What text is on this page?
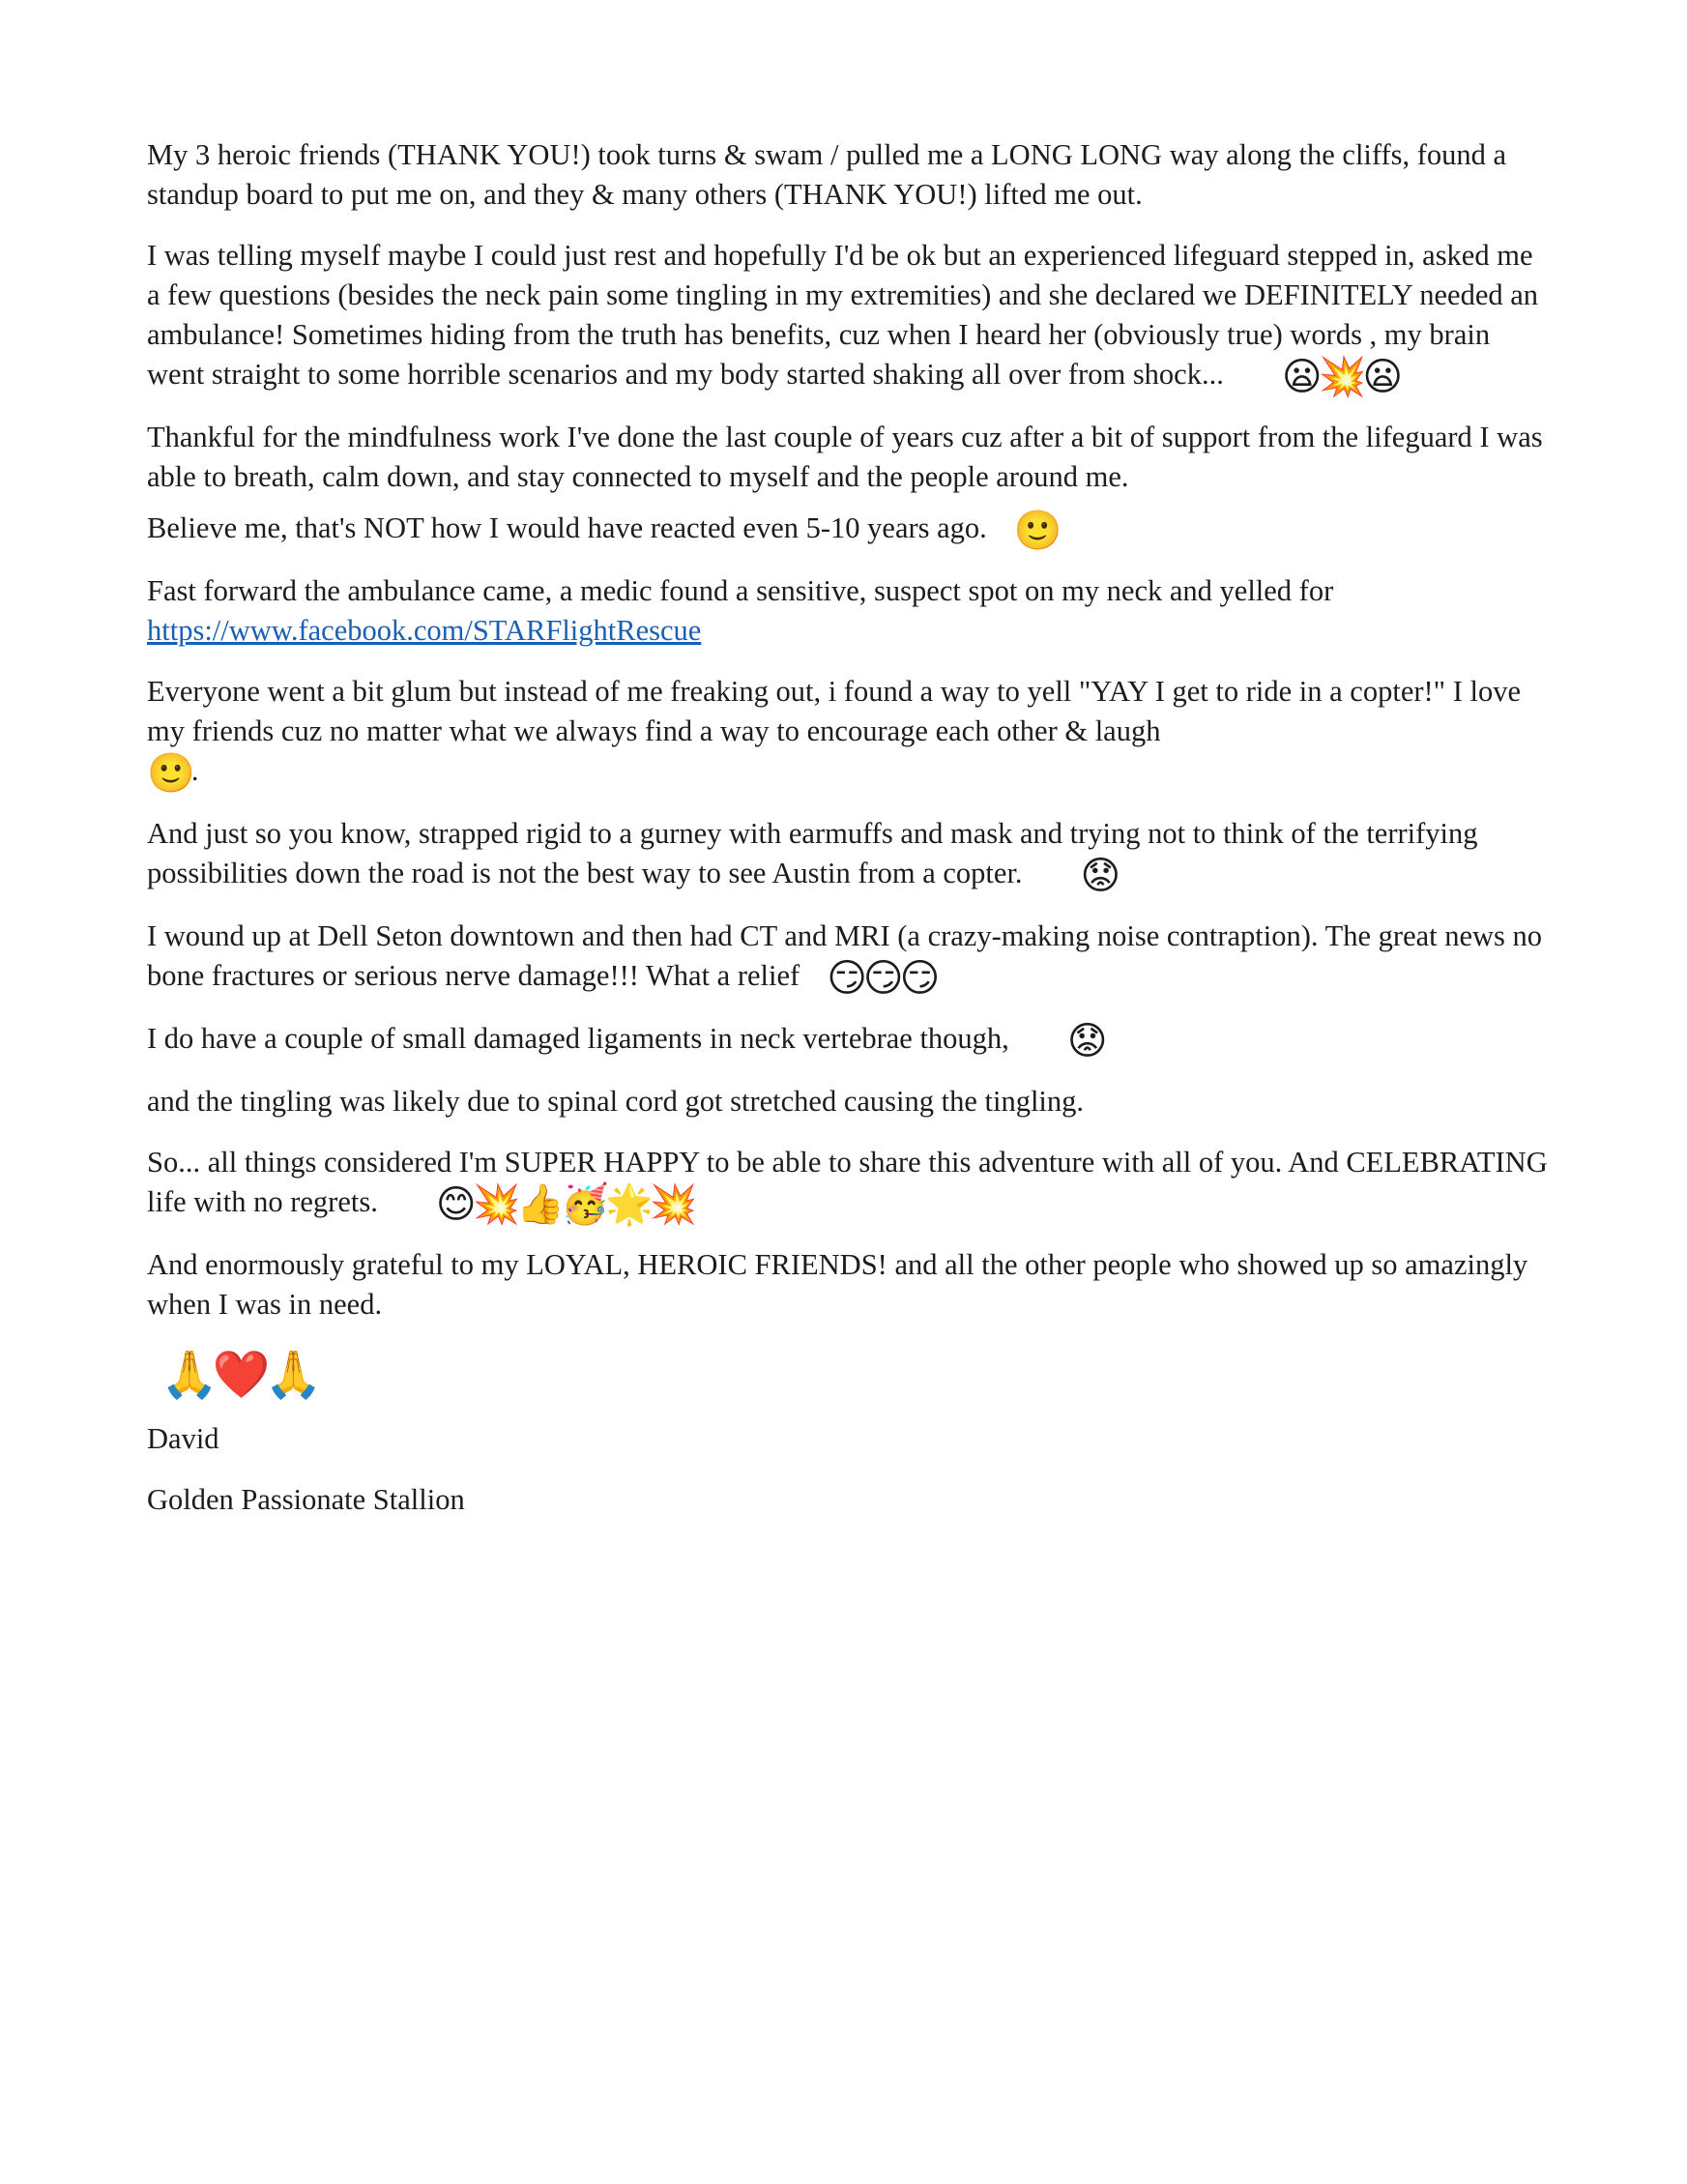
My 3 heroic friends (THANK YOU!) took turns & swam / pulled me a LONG LONG way along the cliffs, found a standup board to put me on, and they & many others (THANK YOU!) lifted me out.

I was telling myself maybe I could just rest and hopefully I'd be ok but an experienced lifeguard stepped in, asked me a few questions (besides the neck pain some tingling in my extremities) and she declared we DEFINITELY needed an ambulance! Sometimes hiding from the truth has benefits, cuz when I heard her (obviously true) words , my brain went straight to some horrible scenarios and my body started shaking all over from shock... 😦💥😦

Thankful for the mindfulness work I've done the last couple of years cuz after a bit of support from the lifeguard I was able to breath, calm down, and stay connected to myself and the people around me.

Believe me, that's NOT how I would have reacted even 5-10 years ago. 🙂

Fast forward the ambulance came, a medic found a sensitive, suspect spot on my neck and yelled for https://www.facebook.com/STARFlightRescue

Everyone went a bit glum but instead of me freaking out, i found a way to yell "YAY I get to ride in a copter!" I love my friends cuz no matter what we always find a way to encourage each other & laugh
🙂.

And just so you know, strapped rigid to a gurney with earmuffs and mask and trying not to think of the terrifying possibilities down the road is not the best way to see Austin from a copter. 😟

I wound up at Dell Seton downtown and then had CT and MRI (a crazy-making noise contraption). The great news no bone fractures or serious nerve damage!!! What a relief 😏😏😏

I do have a couple of small damaged ligaments in neck vertebrae though, 😟

and the tingling was likely due to spinal cord got stretched causing the tingling.

So... all things considered I'm SUPER HAPPY to be able to share this adventure with all of you. And CELEBRATING life with no regrets. 😊💥👍🥳🌟💥

And enormously grateful to my LOYAL, HEROIC FRIENDS! and all the other people who showed up so amazingly when I was in need.

🙏❤️🙏

David

Golden Passionate Stallion
